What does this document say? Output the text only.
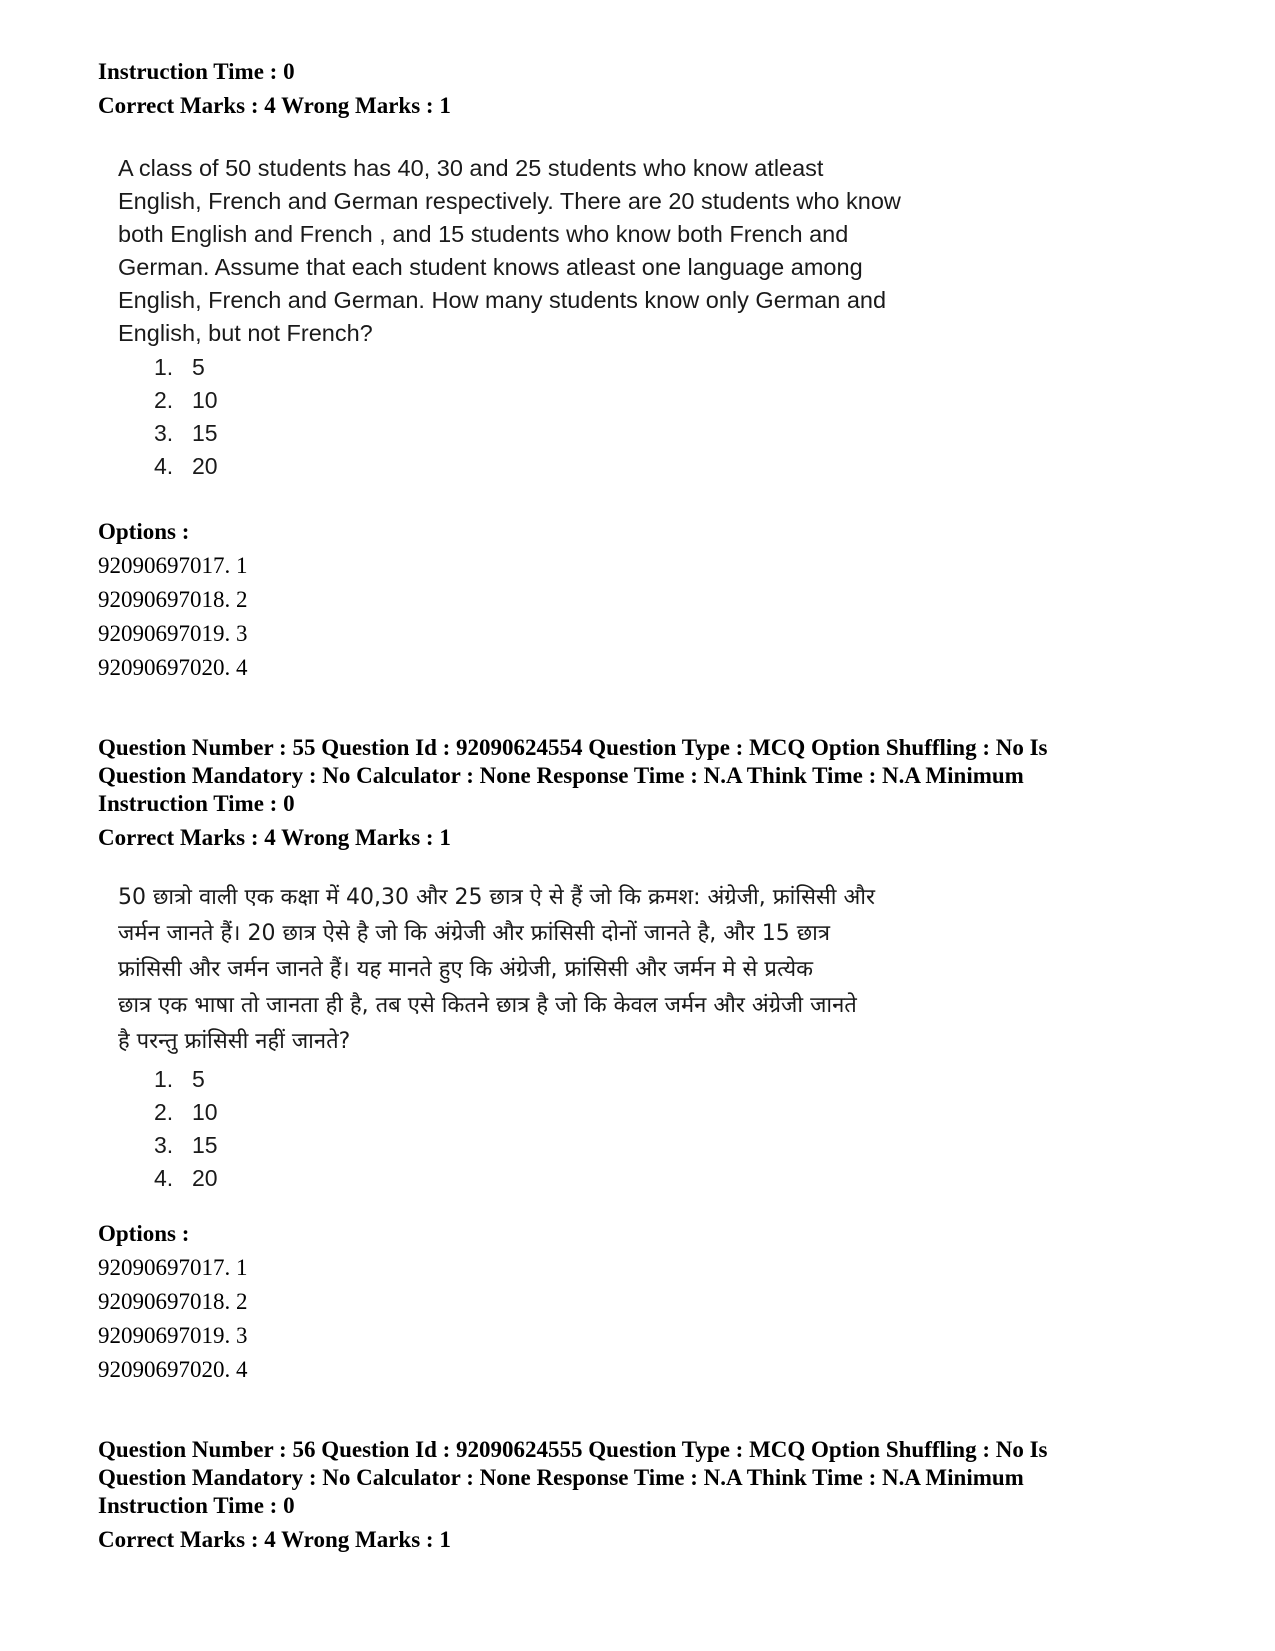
Instruction Time : 0
Correct Marks : 4 Wrong Marks : 1
A class of 50 students has 40, 30 and 25 students who know atleast
English, French and German respectively. There are 20 students who know
both English and French , and 15 students who know both French and
German. Assume that each student knows atleast one language among
English, French and German. How many students know only German and
English, but not French?
1. 5
2. 10
3. 15
4. 20
Options :
92090697017. 1
92090697018. 2
92090697019. 3
92090697020. 4
Question Number : 55 Question Id : 92090624554 Question Type : MCQ Option Shuffling : No Is
Question Mandatory : No Calculator : None Response Time : N.A Think Time : N.A Minimum
Instruction Time : 0
Correct Marks : 4 Wrong Marks : 1
50 छात्रो वाली एक कक्षा में 40,30 और 25 छात्र ऐ से हैं जो कि क्रमश: अंग्रेजी, फ्रांसिसी और
जर्मन जानते हैं। 20 छात्र ऐसे है जो कि अंग्रेजी और फ्रांसिसी दोनों जानते है, और 15 छात्र
फ्रांसिसी और जर्मन जानते हैं। यह मानते हुए कि अंग्रेजी, फ्रांसिसी और जर्मन मे से प्रत्येक
छात्र एक भाषा तो जानता ही है, तब एसे कितने छात्र है जो कि केवल जर्मन और अंग्रेजी जानते
है परन्तु फ्रांसिसी नहीं जानते?
1. 5
2. 10
3. 15
4. 20
Options :
92090697017. 1
92090697018. 2
92090697019. 3
92090697020. 4
Question Number : 56 Question Id : 92090624555 Question Type : MCQ Option Shuffling : No Is
Question Mandatory : No Calculator : None Response Time : N.A Think Time : N.A Minimum
Instruction Time : 0
Correct Marks : 4 Wrong Marks : 1
